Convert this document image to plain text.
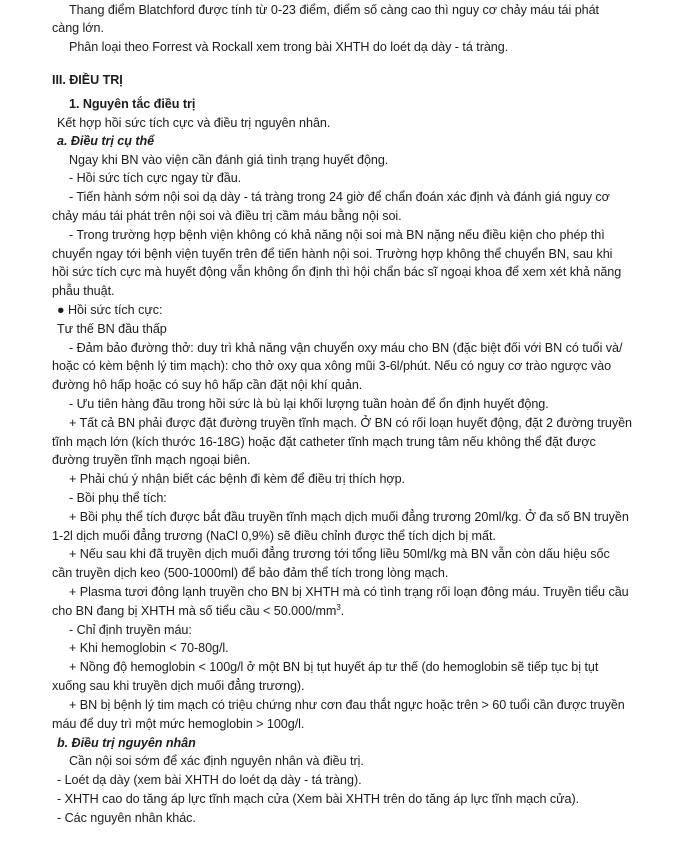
Thang điểm Blatchford được tính từ 0-23 điểm, điểm số càng cao thì nguy cơ chảy máu tái phát
càng lớn.
Phân loại theo Forrest và Rockall xem trong bài XHTH do loét dạ dày - tá tràng.
III. ĐIỀU TRỊ
1. Nguyên tắc điều trị
Kết hợp hồi sức tích cực và điều trị nguyên nhân.
a. Điều trị cụ thể
Ngay khi BN vào viện cần đánh giá tình trạng huyết động.
- Hồi sức tích cực ngay từ đầu.
- Tiến hành sớm nội soi dạ dày - tá tràng trong 24 giờ để chẩn đoán xác định và đánh giá nguy cơ
chảy máu tái phát trên nội soi và điều trị cầm máu bằng nội soi.
- Trong trường hợp bệnh viện không có khả năng nội soi mà BN nặng nếu điều kiện cho phép thì
chuyển ngay tới bệnh viện tuyến trên để tiến hành nội soi. Trường hợp không thể chuyển BN, sau khi
hồi sức tích cực mà huyết động vẫn không ổn định thì hội chẩn bác sĩ ngoại khoa để xem xét khả năng
phẫu thuật.
● Hồi sức tích cực:
Tư thế BN đầu thấp
- Đảm bảo đường thở: duy trì khả năng vận chuyển oxy máu cho BN (đặc biệt đối với BN có tuổi và/
hoặc có kèm bệnh lý tim mạch): cho thở oxy qua xông mũi 3-6l/phút. Nếu có nguy cơ trào ngược vào
đường hô hấp hoặc có suy hô hấp cần đặt nội khí quản.
- Ưu tiên hàng đầu trong hồi sức là bù lại khối lượng tuần hoàn để ổn định huyết động.
+ Tất cả BN phải được đặt đường truyền tĩnh mạch. Ở BN có rối loạn huyết động, đặt 2 đường truyền
tĩnh mạch lớn (kích thước 16-18G) hoặc đặt catheter tĩnh mạch trung tâm nếu không thể đặt được
đường truyền tĩnh mạch ngoại biên.
+ Phải chú ý nhận biết các bệnh đi kèm để điều trị thích hợp.
- Bồi phụ thể tích:
+ Bồi phụ thể tích được bắt đầu truyền tĩnh mạch dịch muối đẳng trương 20ml/kg. Ở đa số BN truyền
1-2l dịch muối đẳng trương (NaCl 0,9%) sẽ điều chỉnh được thể tích dịch bị mất.
+ Nếu sau khi đã truyền dịch muối đẳng trương tới tổng liều 50ml/kg mà BN vẫn còn dấu hiệu sốc
cần truyền dịch keo (500-1000ml) để bảo đảm thể tích trong lòng mạch.
+ Plasma tươi đông lạnh truyền cho BN bị XHTH mà có tình trạng rối loạn đông máu. Truyền tiểu cầu
cho BN đang bị XHTH mà số tiểu cầu < $50.000/mm^3$.
- Chỉ định truyền máu:
+ Khi hemoglobin < 70-80g/l.
+ Nồng độ hemoglobin < 100g/l ở một BN bị tụt huyết áp tư thế (do hemoglobin sẽ tiếp tục bị tụt
xuống sau khi truyền dịch muối đẳng trương).
+ BN bị bệnh lý tim mạch có triệu chứng như cơn đau thắt ngực hoặc trên > 60 tuổi cần được truyền
máu để duy trì một mức hemoglobin > 100g/l.
b. Điều trị nguyên nhân
Cần nội soi sớm để xác định nguyên nhân và điều trị.
- Loét dạ dày (xem bài XHTH do loét dạ dày - tá tràng).
- XHTH cao do tăng áp lực tĩnh mạch cửa (Xem bài XHTH trên do tăng áp lực tĩnh mạch cửa).
- Các nguyên nhân khác.
